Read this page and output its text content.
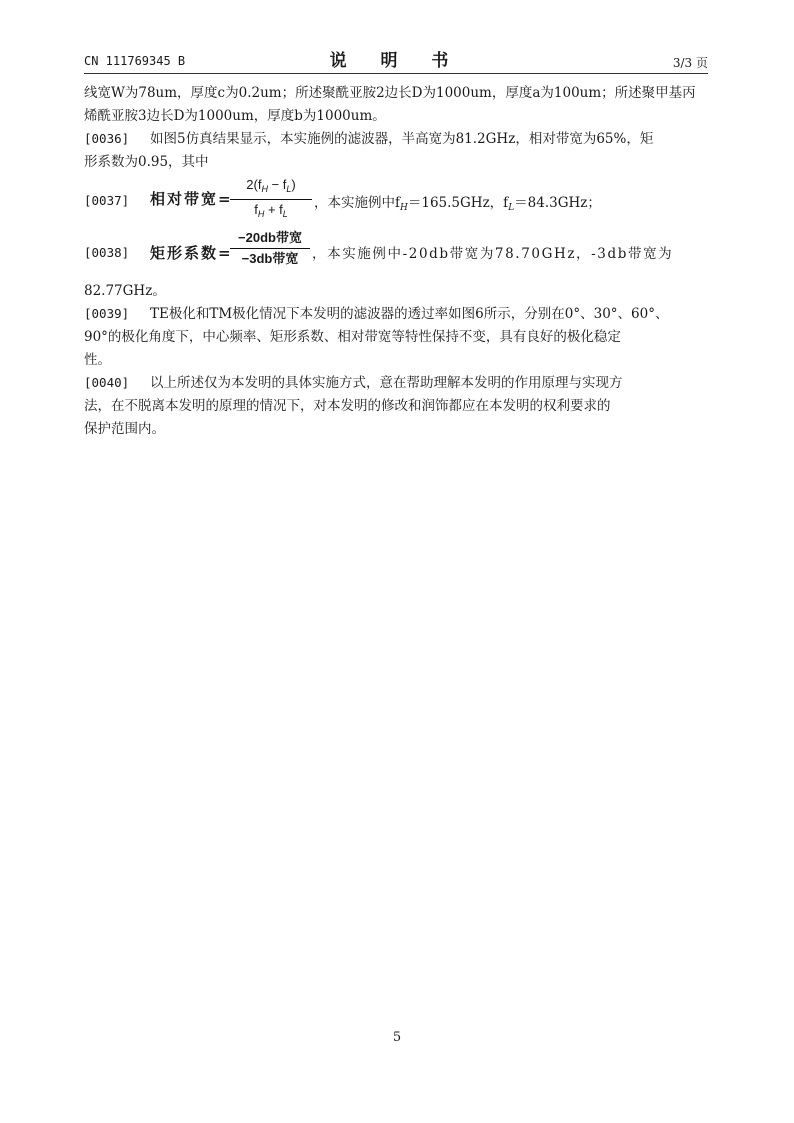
CN 111769345 B	说 明 书	3/3 页
线宽W为78um，厚度c为0.2um；所述聚酰亚胺2边长D为1000um，厚度a为100um；所述聚甲基丙
烯酰亚胺3边长D为1000um，厚度b为1000um。
[0036] 如图5仿真结果显示，本实施例的滤波器，半高宽为81.2GHz，相对带宽为65%，矩
形系数为0.95，其中
[0037] 相对带宽=
$2(f_H - f_L)$
$f_H + f_L$
，本实施例中$f_H=165.5GHz$，$f_L=84.3GHz$；
[0038] 矩形系数=
−20db带宽
−3db带宽	，本实施例中-20db带宽为78.70GHz，-3db带宽为
82.77GHz。
[0039] TE极化和TM极化情况下本发明的滤波器的透过率如图6所示，分别在0°、30°、60°、
90°的极化角度下，中心频率、矩形系数、相对带宽等特性保持不变，具有良好的极化稳定
性。
[0040] 以上所述仅为本发明的具体实施方式，意在帮助理解本发明的作用原理与实现方
法，在不脱离本发明的原理的情况下，对本发明的修改和润饰都应在本发明的权利要求的
保护范围内。
5
